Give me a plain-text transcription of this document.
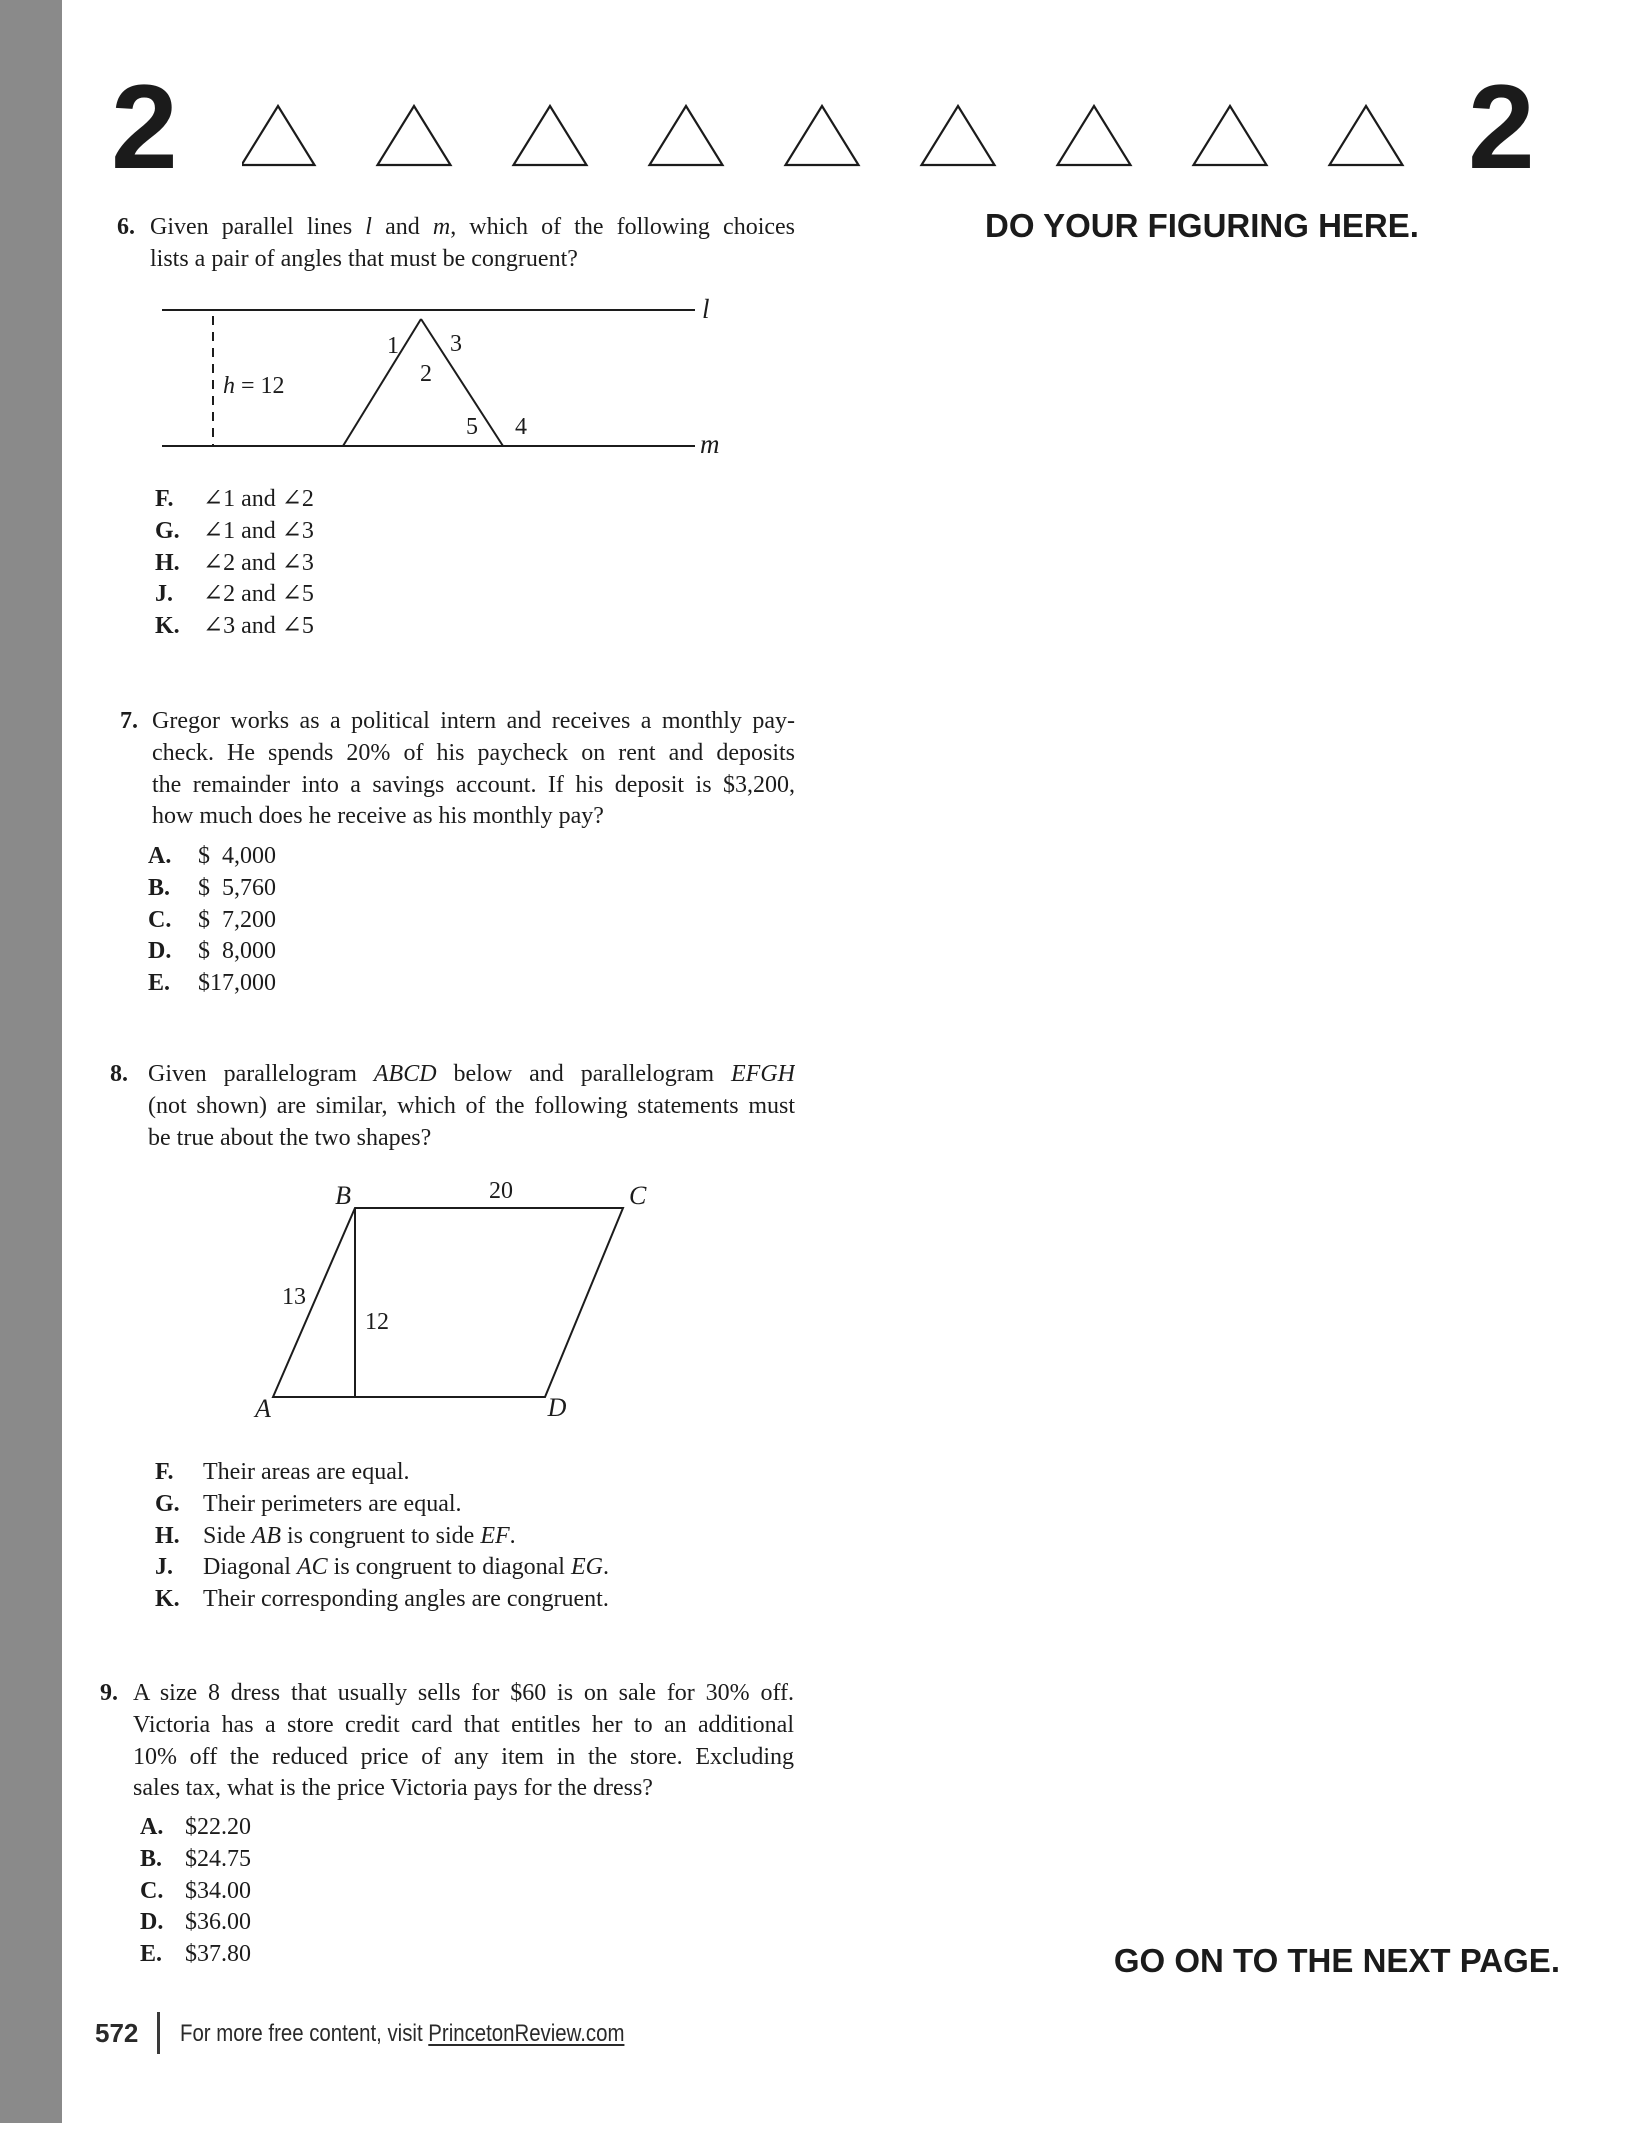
2	2
DO YOUR FIGURING HERE.
6. Given parallel lines l and m, which of the following choices
lists a pair of angles that must be congruent?
l
m
h = 12
1 3
2
5 4
F. ∠1 and ∠2
G. ∠1 and ∠3
H. ∠2 and ∠3
J. ∠2 and ∠5
K. ∠3 and ∠5
7. Gregor works as a political intern and receives a monthly pay-
check. He spends 20% of his paycheck on rent and deposits
the remainder into a savings account. If his deposit is $3,200,
how much does he receive as his monthly pay?
A. $  4,000
B. $  5,760
C. $  7,200
D. $  8,000
E. $17,000
8. Given parallelogram ABCD below and parallelogram EFGH
(not shown) are similar, which of the following statements must
be true about the two shapes?
B	20	C
13
12
A	D
F. Their areas are equal.
G. Their perimeters are equal.
H. Side AB is congruent to side EF.
J. Diagonal AC is congruent to diagonal EG.
K. Their corresponding angles are congruent.
9. A size 8 dress that usually sells for $60 is on sale for 30% off.
Victoria has a store credit card that entitles her to an additional
10% off the reduced price of any item in the store. Excluding
sales tax, what is the price Victoria pays for the dress?
A. $22.20
B. $24.75
C. $34.00
D. $36.00
E. $37.80	GO ON TO THE NEXT PAGE.
572 For more free content, visit PrincetonReview.com
